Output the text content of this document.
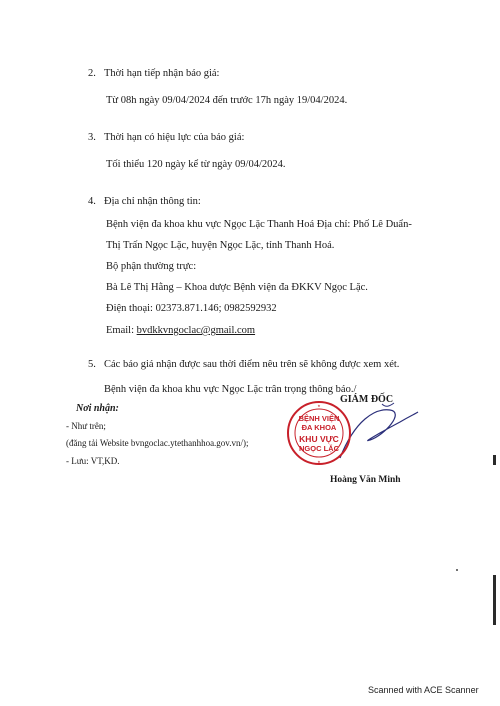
2. Thời hạn tiếp nhận báo giá:
Từ 08h ngày 09/04/2024 đến trước 17h ngày 19/04/2024.
3. Thời hạn có hiệu lực của báo giá:
Tối thiểu 120 ngày kể từ ngày 09/04/2024.
4. Địa chỉ nhận thông tin:
Bệnh viện đa khoa khu vực Ngọc Lặc Thanh Hoá Địa chỉ: Phố Lê Duẩn-
Thị Trấn Ngọc Lặc, huyện Ngọc Lặc, tỉnh Thanh Hoá.
Bộ phận thường trực:
Bà Lê Thị Hằng – Khoa dược Bệnh viện đa ĐKKV Ngọc Lặc.
Điện thoại: 02373.871.146; 0982592932
Email: bvdkkvngoclac@gmail.com
5. Các báo giá nhận được sau thời điểm nêu trên sẽ không được xem xét.
Bệnh viện đa khoa khu vực Ngọc Lặc trân trọng thông báo./
Nơi nhận:
- Như trên;
(đăng tải Website bvngoclac.ytethanhhoa.gov.vn/);
- Lưu: VT,KD.
GIÁM ĐỐC
★
★
BỆNH VIỆN
ĐA KHOA
KHU VỰC
NGỌC LẶC
Hoàng Văn Minh
Scanned with ACE Scanner
